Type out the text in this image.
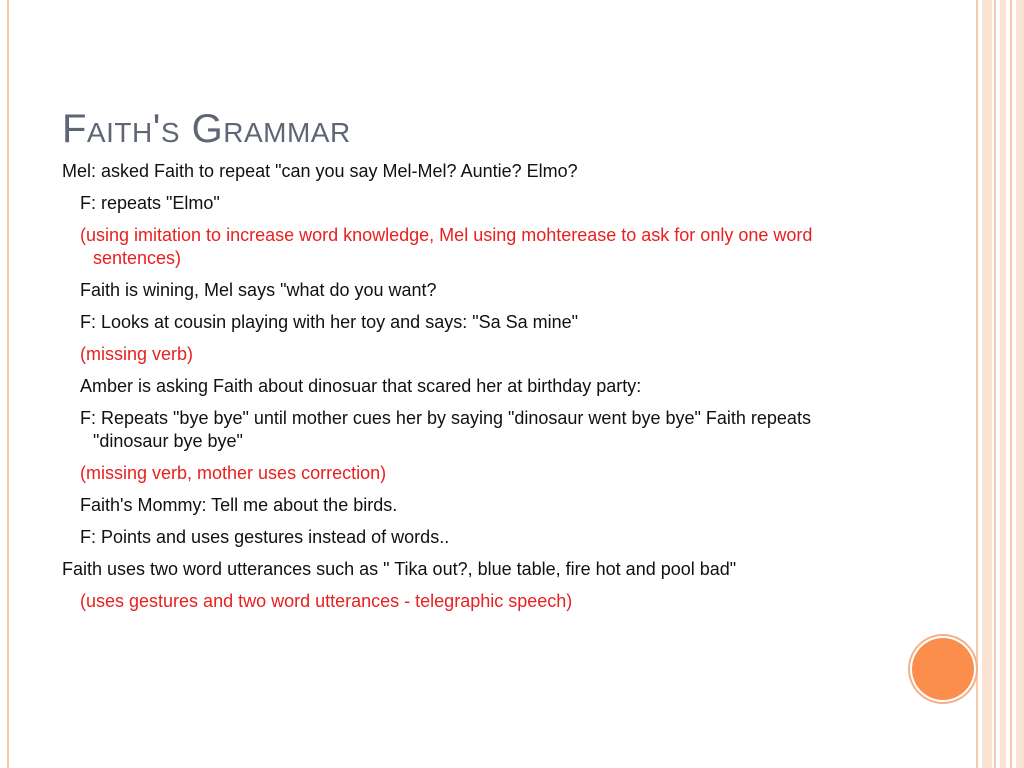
Faith's Grammar

Mel: asked Faith to repeat "can you say Mel-Mel? Auntie? Elmo?

F: repeats "Elmo"

(using imitation to increase word knowledge, Mel using mohterease to ask for only one word sentences)

Faith is wining, Mel says "what do you want?

F: Looks at cousin playing with her toy and says: "Sa Sa mine"

(missing verb)

Amber is asking Faith about dinosuar that scared her at birthday party:

F: Repeats "bye bye" until mother cues her by saying "dinosaur went bye bye" Faith repeats "dinosaur bye bye"

(missing verb, mother uses correction)

Faith's Mommy: Tell me about the birds.

F: Points and uses gestures instead of words..

Faith uses two word utterances such as " Tika out?, blue table, fire hot and pool bad"

(uses gestures and two word utterances - telegraphic speech)
